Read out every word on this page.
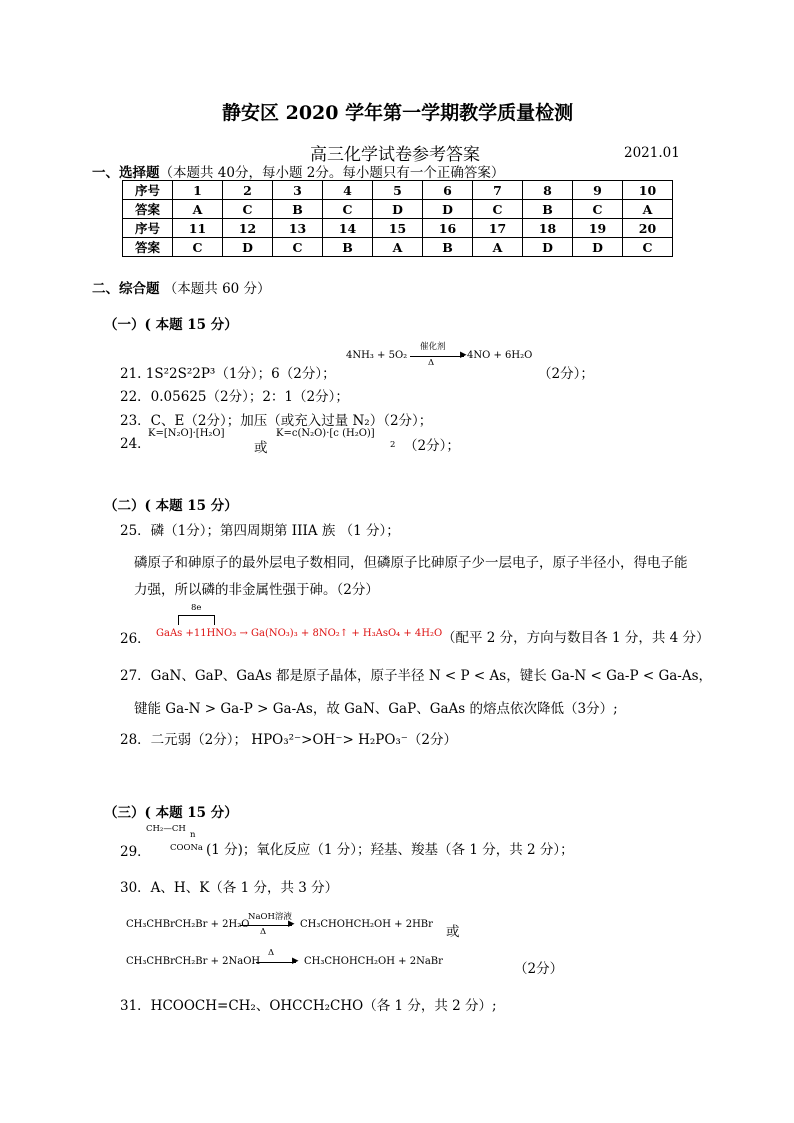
静安区 2020 学年第一学期教学质量检测
高三化学试卷参考答案	2021.01
一、选择题（本题共 40分，每小题 2分。每小题只有一个正确答案）
序号	1	2	3	4	5	6	7	8	9	10
答案	A	C	B	C	D	D	C	B	C	A
序号	11	12	13	14	15	16	17	18	19	20
答案	C	D	C	B	A	B	A	D	D	C
二、综合题 （本题共 60 分）
（一）( 本题 15 分）
21. 1S²2S²2P³（1分）；6（2分）；
4NH₃ + 5O₂
催化剂
▶
Δ
4NO + 6H₂O
（2分）；
22．0.05625（2分）；2：1（2分）；
23．C、E（2分）；加压（或充入过量 N₂）（2分）；
24．
K=[N₂O]·[H₂O]
或
K=c(N₂O)·[c (H₂O)]
2 （2分）；
（二）( 本题 15 分）
25．磷（1分）；第四周期第 IIIA 族 （1 分）；
磷原子和砷原子的最外层电子数相同，但磷原子比砷原子少一层电子，原子半径小，得电子能
力强，所以磷的非金属性强于砷。（2分）
26．
8e
GaAs +11HNO₃ → Ga(NO₃)₃ + 8NO₂↑ + H₃AsO₄ + 4H₂O （配平 2 分，方向与数目各 1 分，共 4 分）
27．GaN、GaP、GaAs 都是原子晶体，原子半径 N < P < As，键长 Ga-N < Ga-P < Ga-As，
键能 Ga-N > Ga-P > Ga-As，故 GaN、GaP、GaAs 的熔点依次降低（3分）;
28．二元弱（2分）； HPO₃²⁻>OH⁻> H₂PO₃⁻（2分）
（三）( 本题 15 分）
29．
CH₂—CH
n
COONa (1 分)；氧化反应（1 分）；羟基、羧基（各 1 分，共 2 分）；
30．A、H、K（各 1 分，共 3 分）
CH₃CHBrCH₂Br + 2H₂O
NaOH溶液
▶
Δ
CH₃CHOHCH₂OH + 2HBr 或
CH₃CHBrCH₂Br + 2NaOH
Δ
▶ CH₃CHOHCH₂OH + 2NaBr	（2分）
31．HCOOCH=CH₂、OHCCH₂CHO（各 1 分，共 2 分）;
